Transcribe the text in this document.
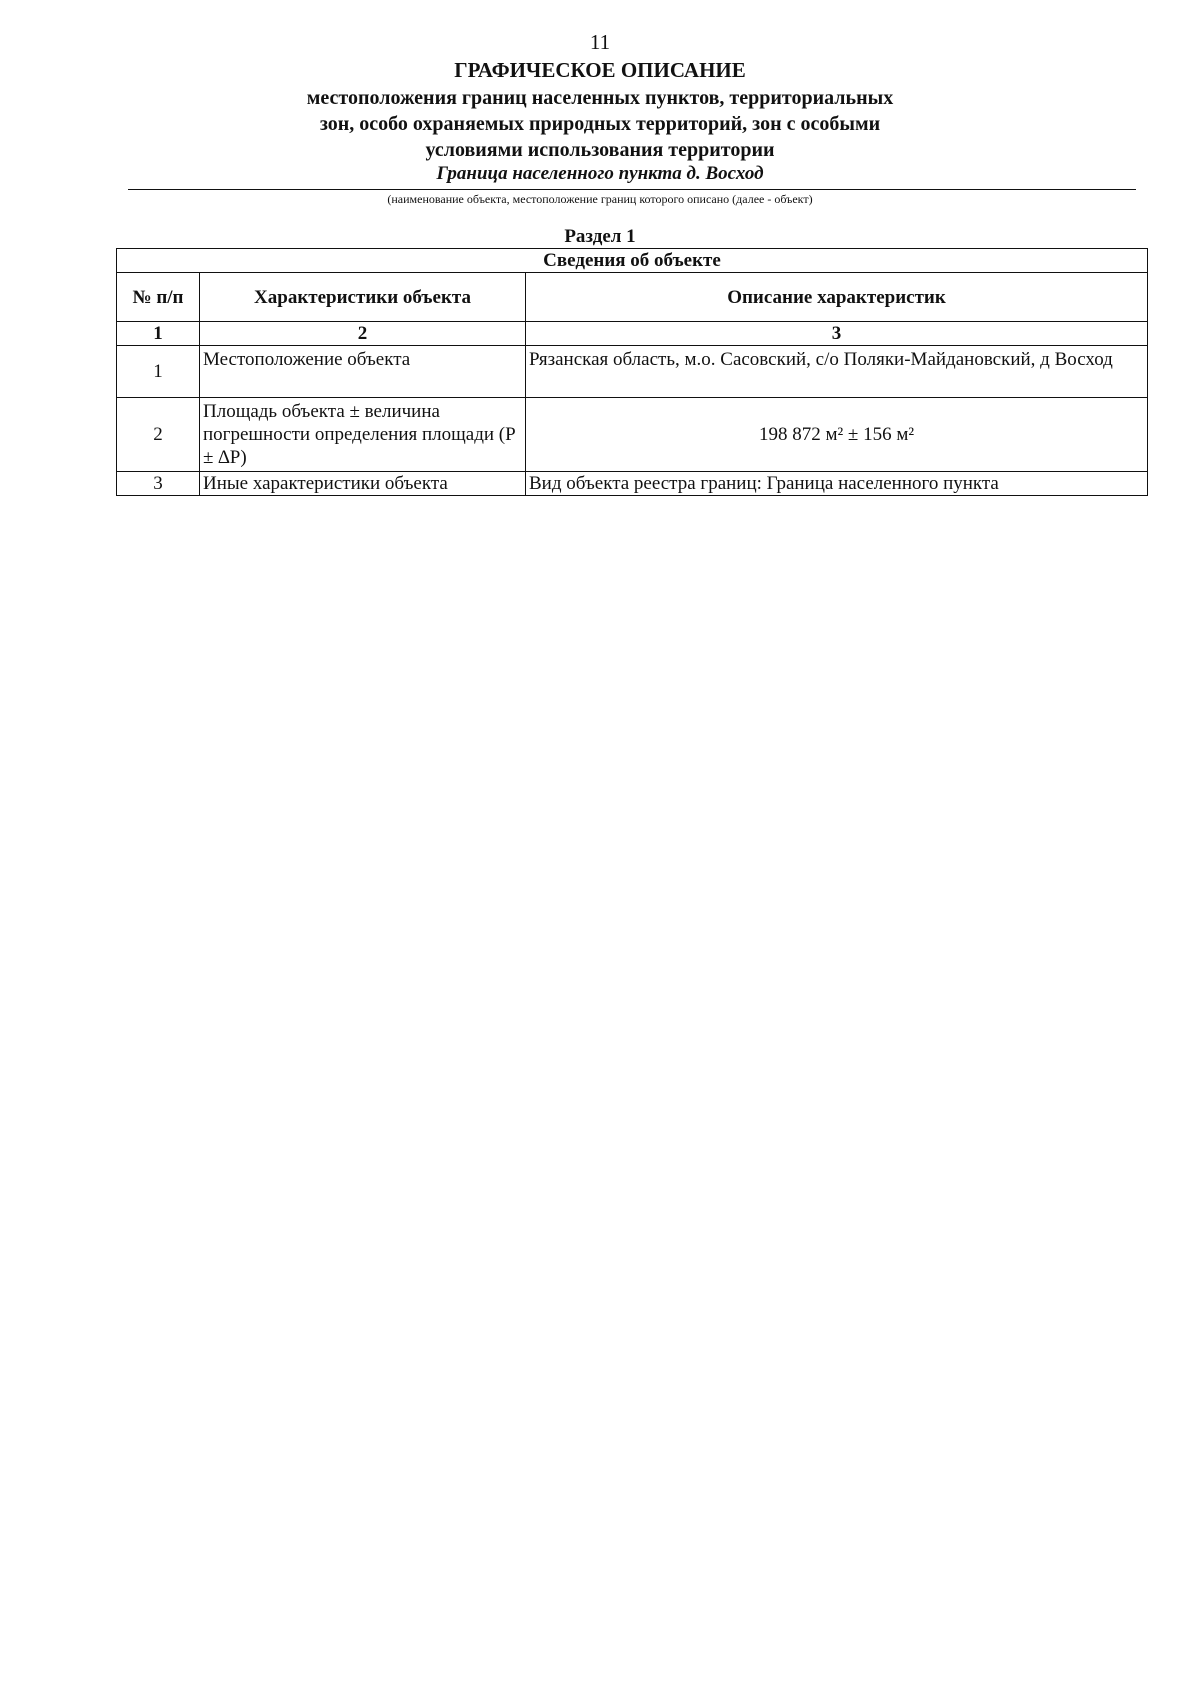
11
ГРАФИЧЕСКОЕ ОПИСАНИЕ
местоположения границ населенных пунктов, территориальных
зон, особо охраняемых природных территорий, зон с особыми
условиями использования территории
Граница населенного пункта д. Восход
(наименование объекта, местоположение границ которого описано (далее - объект)
Раздел 1
Сведения об объекте		
№ п/п	Характеристики объекта	Описание характеристик
1	2	3
1	Местоположение объекта	Рязанская область, м.о. Сасовский, с/о Поляки-Майдановский, д Восход
2	Площадь объекта ± величина погрешности определения площади (P ± ∆P)	198 872 м² ± 156 м²
3	Иные характеристики объекта	Вид объекта реестра границ: Граница населенного пункта
